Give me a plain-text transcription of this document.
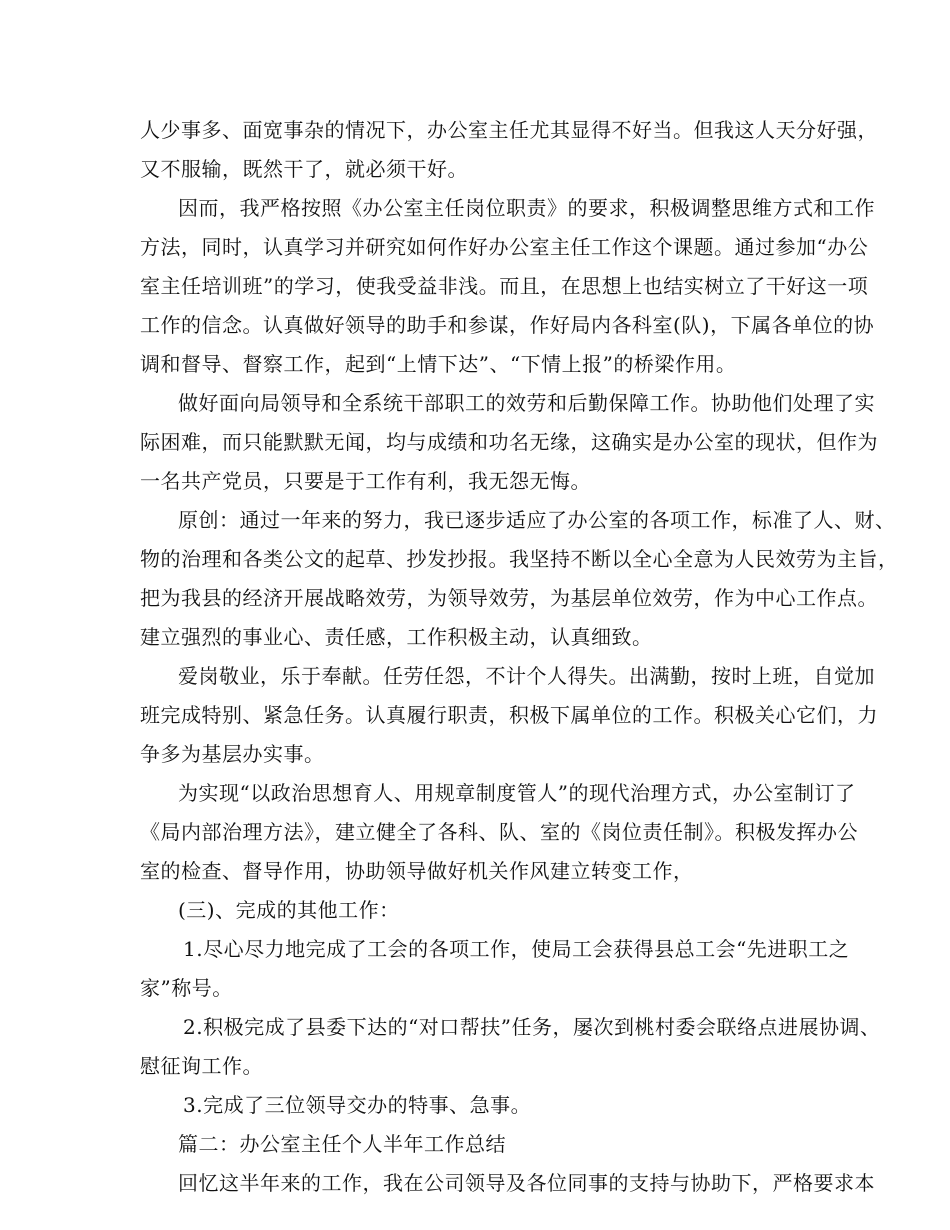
人少事多、面宽事杂的情况下，办公室主任尤其显得不好当。但我这人天分好强，
又不服输，既然干了，就必须干好。
因而，我严格按照《办公室主任岗位职责》的要求，积极调整思维方式和工作
方法，同时，认真学习并研究如何作好办公室主任工作这个课题。通过参加“办公
室主任培训班”的学习，使我受益非浅。而且，在思想上也结实树立了干好这一项
工作的信念。认真做好领导的助手和参谋，作好局内各科室(队)，下属各单位的协
调和督导、督察工作，起到“上情下达”、“下情上报”的桥梁作用。
做好面向局领导和全系统干部职工的效劳和后勤保障工作。协助他们处理了实
际困难，而只能默默无闻，均与成绩和功名无缘，这确实是办公室的现状，但作为
一名共产党员，只要是于工作有利，我无怨无悔。
原创：通过一年来的努力，我已逐步适应了办公室的各项工作，标准了人、财、
物的治理和各类公文的起草、抄发抄报。我坚持不断以全心全意为人民效劳为主旨，
把为我县的经济开展战略效劳，为领导效劳，为基层单位效劳，作为中心工作点。
建立强烈的事业心、责任感，工作积极主动，认真细致。
爱岗敬业，乐于奉献。任劳任怨，不计个人得失。出满勤，按时上班，自觉加
班完成特别、紧急任务。认真履行职责，积极下属单位的工作。积极关心它们，力
争多为基层办实事。
为实现“以政治思想育人、用规章制度管人”的现代治理方式，办公室制订了
《局内部治理方法》，建立健全了各科、队、室的《岗位责任制》。积极发挥办公
室的检查、督导作用，协助领导做好机关作风建立转变工作，
(三)、完成的其他工作：
1.尽心尽力地完成了工会的各项工作，使局工会获得县总工会“先进职工之
家”称号。
2.积极完成了县委下达的“对口帮扶”任务，屡次到桃村委会联络点进展协调、
慰征询工作。
3.完成了三位领导交办的特事、急事。
篇二：办公室主任个人半年工作总结
回忆这半年来的工作，我在公司领导及各位同事的支持与协助下，严格要求本
